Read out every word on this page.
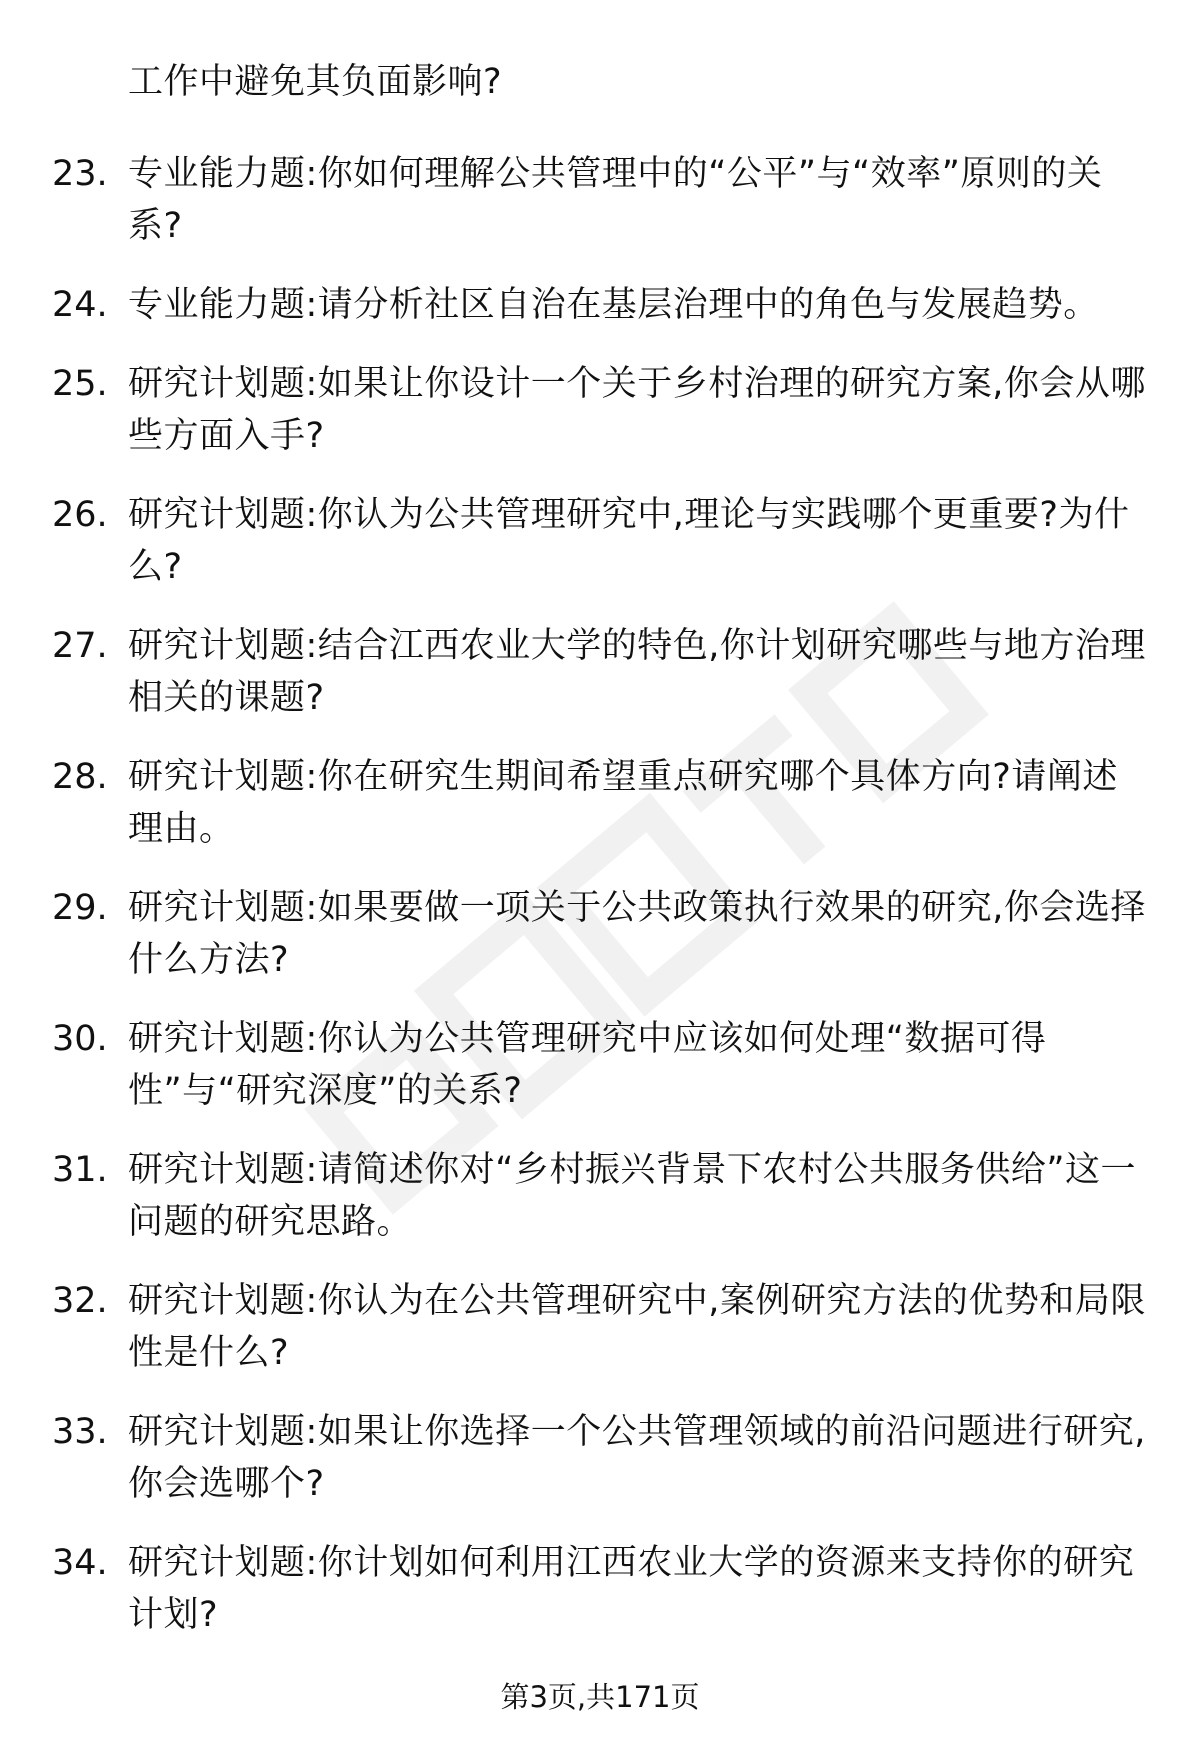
工作中避免其负面影响?
23. 专业能力题:你如何理解公共管理中的“公平”与“效率”原则的关系?
24. 专业能力题:请分析社区自治在基层治理中的角色与发展趋势。
25. 研究计划题:如果让你设计一个关于乡村治理的研究方案,你会从哪些方面入手?
26. 研究计划题:你认为公共管理研究中,理论与实践哪个更重要?为什么?
27. 研究计划题:结合江西农业大学的特色,你计划研究哪些与地方治理相关的课题?
28. 研究计划题:你在研究生期间希望重点研究哪个具体方向?请阐述理由。
29. 研究计划题:如果要做一项关于公共政策执行效果的研究,你会选择什么方法?
30. 研究计划题:你认为公共管理研究中应该如何处理“数据可得性”与“研究深度”的关系?
31. 研究计划题:请简述你对“乡村振兴背景下农村公共服务供给”这一问题的研究思路。
32. 研究计划题:你认为在公共管理研究中,案例研究方法的优势和局限性是什么?
33. 研究计划题:如果让你选择一个公共管理领域的前沿问题进行研究,你会选哪个?
34. 研究计划题:你计划如何利用江西农业大学的资源来支持你的研究计划?
第3页,共171页
